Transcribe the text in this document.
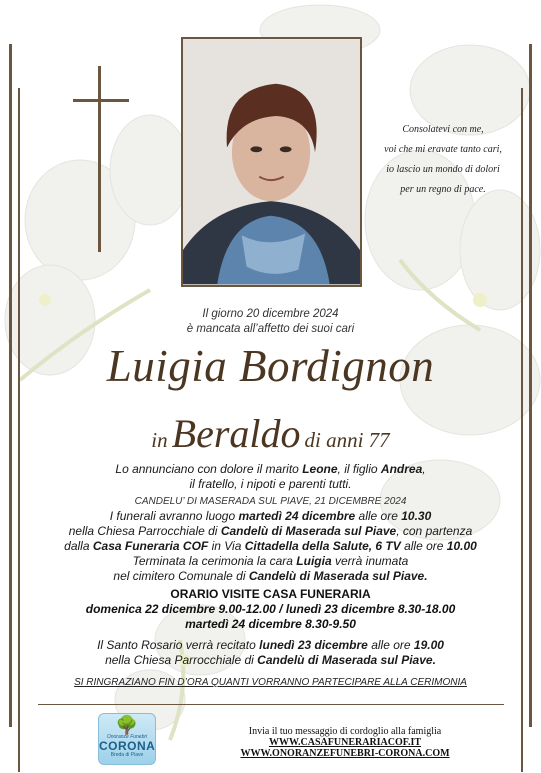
Consolatevi con me,
voi che mi eravate tanto cari,
io lascio un mondo di dolori
per un regno di pace.
Il giorno 20 dicembre 2024
è mancata all’affetto dei suoi cari
Luigia Bordignon
in Beraldo di anni 77
Lo annunciano con dolore il marito Leone, il figlio Andrea,
il fratello, i nipoti e parenti tutti.
CANDELU’ DI MASERADA SUL PIAVE, 21 DICEMBRE 2024
I funerali avranno luogo martedì 24 dicembre alle ore 10.30
nella Chiesa Parrocchiale di Candelù di Maserada sul Piave, con partenza
dalla Casa Funeraria COF in Via Cittadella della Salute, 6 TV alle ore 10.00
Terminata la cerimonia la cara Luigia verrà inumata
nel cimitero Comunale di Candelù di Maserada sul Piave.
ORARIO VISITE CASA FUNERARIA
domenica 22 dicembre 9.00-12.00 / lunedì 23 dicembre 8.30-18.00
martedì 24 dicembre 8.30-9.50
Il Santo Rosario verrà recitato lunedì 23 dicembre alle ore 19.00
nella Chiesa Parrocchiale di Candelù di Maserada sul Piave.
SI RINGRAZIANO FIN D’ORA QUANTI VORRANNO PARTECIPARE ALLA CERIMONIA
🌳
Onoranze Funebri
CORONA
Breda di Piave
Invia il tuo messaggio di cordoglio alla famiglia
WWW.CASAFUNERARIACOF.IT
WWW.ONORANZEFUNEBRI-CORONA.COM
